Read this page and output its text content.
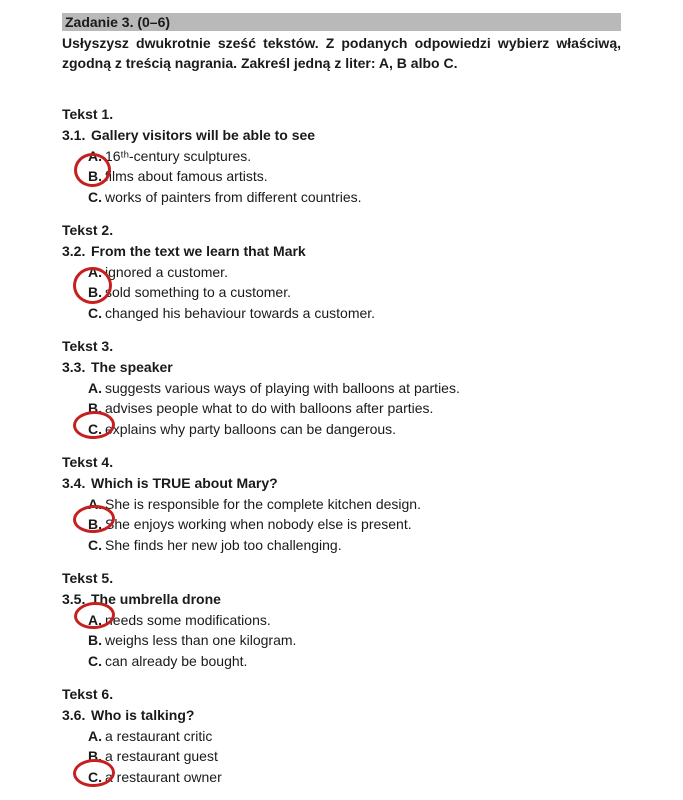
Zadanie 3. (0–6)
Usłyszysz dwukrotnie sześć tekstów. Z podanych odpowiedzi wybierz właściwą,
zgodną z treścią nagrania. Zakreśl jedną z liter: A, B albo C.
Tekst 1.
3.1. Gallery visitors will be able to see
A. 16ᵗʰ-century sculptures.
B. films about famous artists.
C. works of painters from different countries.
Tekst 2.
3.2. From the text we learn that Mark
A. ignored a customer.
B. sold something to a customer.
C. changed his behaviour towards a customer.
Tekst 3.
3.3. The speaker
A. suggests various ways of playing with balloons at parties.
B. advises people what to do with balloons after parties.
C. explains why party balloons can be dangerous.
Tekst 4.
3.4. Which is TRUE about Mary?
A. She is responsible for the complete kitchen design.
B. She enjoys working when nobody else is present.
C. She finds her new job too challenging.
Tekst 5.
3.5. The umbrella drone
A. needs some modifications.
B. weighs less than one kilogram.
C. can already be bought.
Tekst 6.
3.6. Who is talking?
A. a restaurant critic
B. a restaurant guest
C. a restaurant owner
